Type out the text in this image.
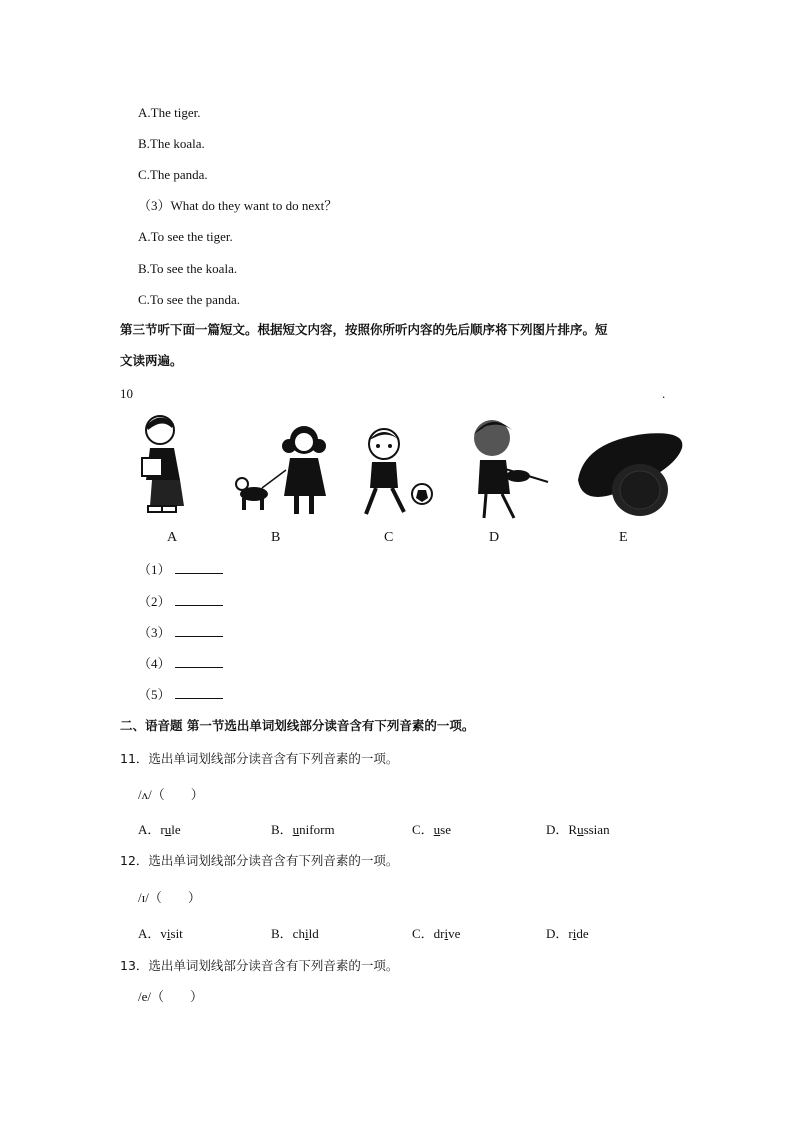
A.The tiger.
B.The koala.
C.The panda.
（3）What do they want to do next？
A.To see the tiger.
B.To see the koala.
C.To see the panda.
第三节听下面一篇短文。根据短文内容，按照你所听内容的先后顺序将下列图片排序。短
文读两遍。
10	.
A	B	C	D	E
（1）
（2）
（3）
（4）
（5）
二、语音题 第一节选出单词划线部分读音含有下列音素的一项。
11．选出单词划线部分读音含有下列音素的一项。
/ʌ/（　　）
A．rule	B．uniform	C．use	D．Russian
12．选出单词划线部分读音含有下列音素的一项。
/ɪ/（　　）
A．visit	B．child	C．drive	D．ride
13．选出单词划线部分读音含有下列音素的一项。
/e/（　　）
